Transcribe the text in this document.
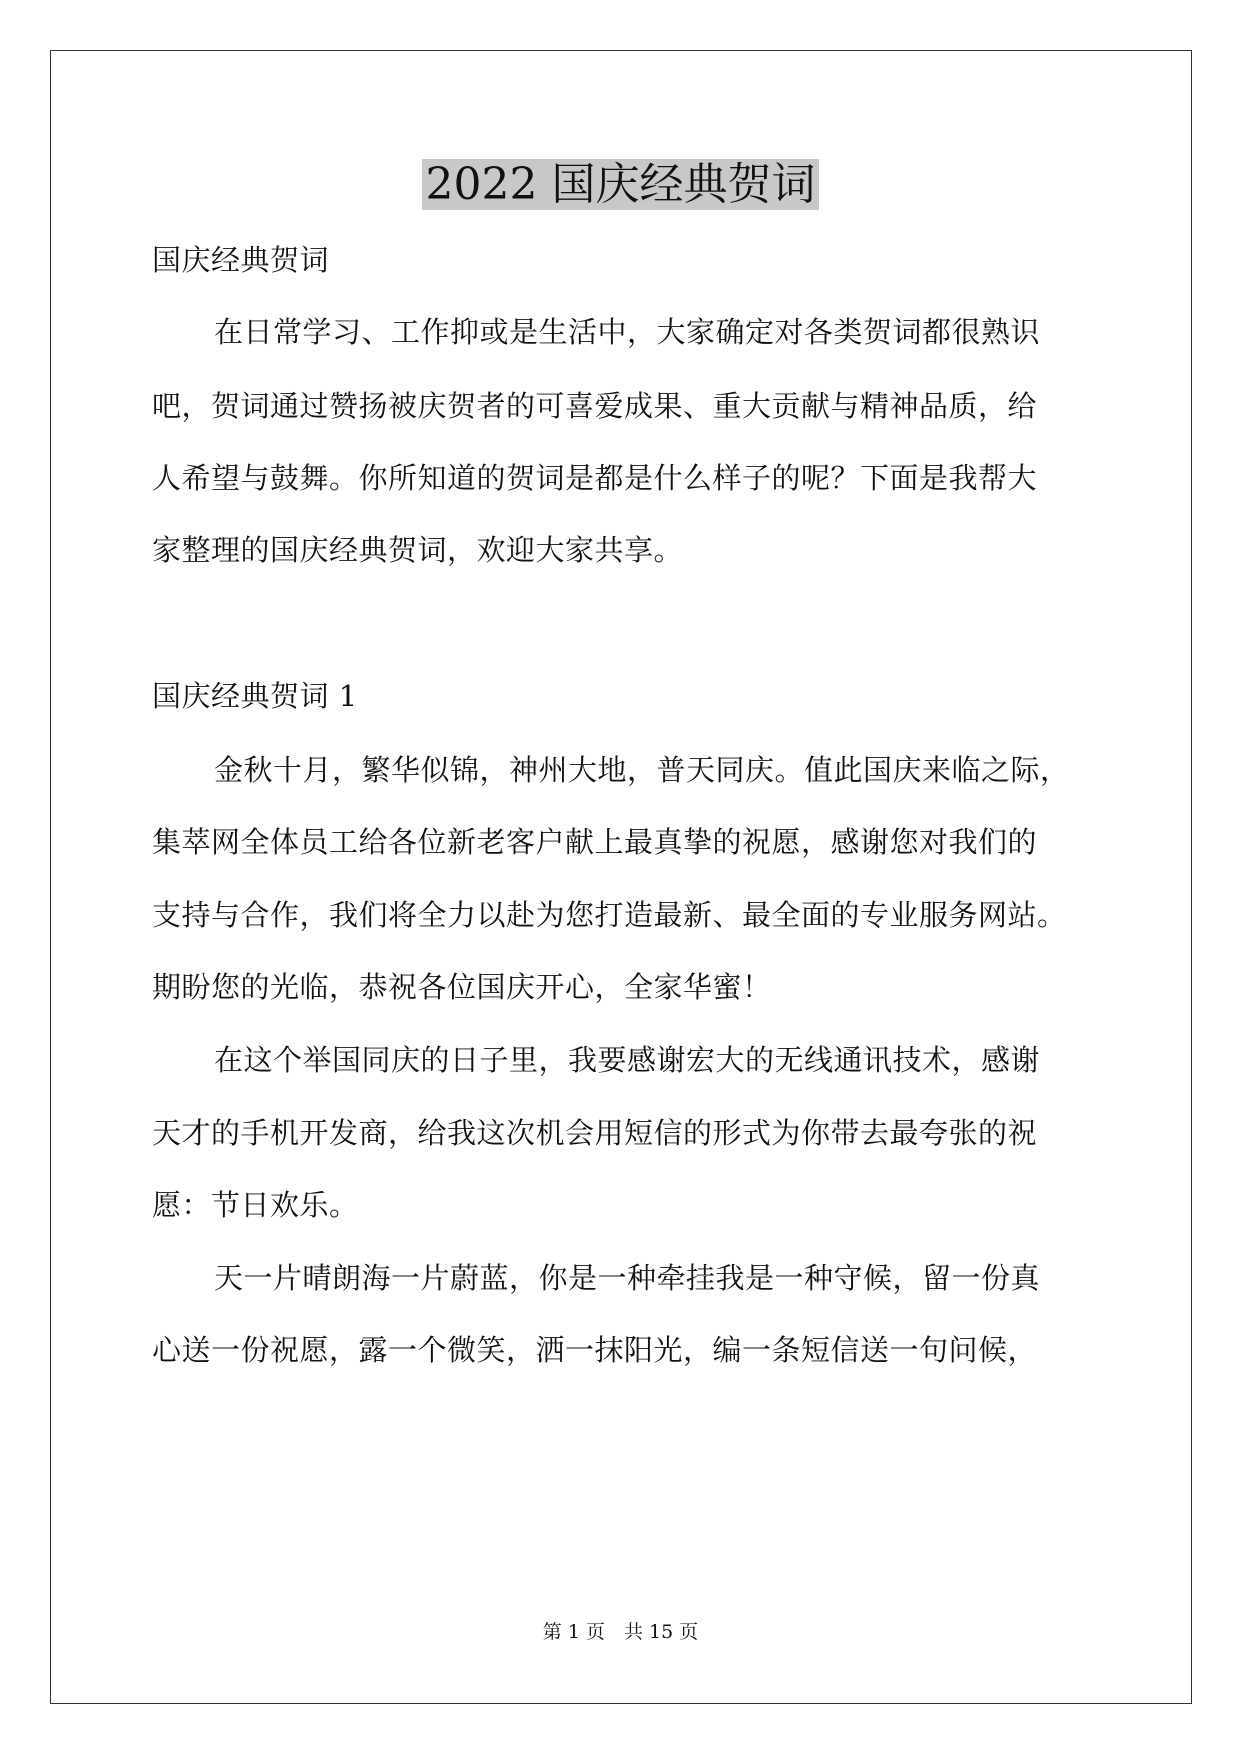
2022 国庆经典贺词
国庆经典贺词
在日常学习、工作抑或是生活中，大家确定对各类贺词都很熟识
吧，贺词通过赞扬被庆贺者的可喜爱成果、重大贡献与精神品质，给
人希望与鼓舞。你所知道的贺词是都是什么样子的呢？下面是我帮大
家整理的国庆经典贺词，欢迎大家共享。
国庆经典贺词 1
金秋十月，繁华似锦，神州大地，普天同庆。值此国庆来临之际，
集萃网全体员工给各位新老客户献上最真挚的祝愿，感谢您对我们的
支持与合作，我们将全力以赴为您打造最新、最全面的专业服务网站。
期盼您的光临，恭祝各位国庆开心，全家华蜜！
在这个举国同庆的日子里，我要感谢宏大的无线通讯技术，感谢
天才的手机开发商，给我这次机会用短信的形式为你带去最夸张的祝
愿：节日欢乐。
天一片晴朗海一片蔚蓝，你是一种牵挂我是一种守候，留一份真
心送一份祝愿，露一个微笑，洒一抹阳光，编一条短信送一句问候，
第 1 页　共 15 页
